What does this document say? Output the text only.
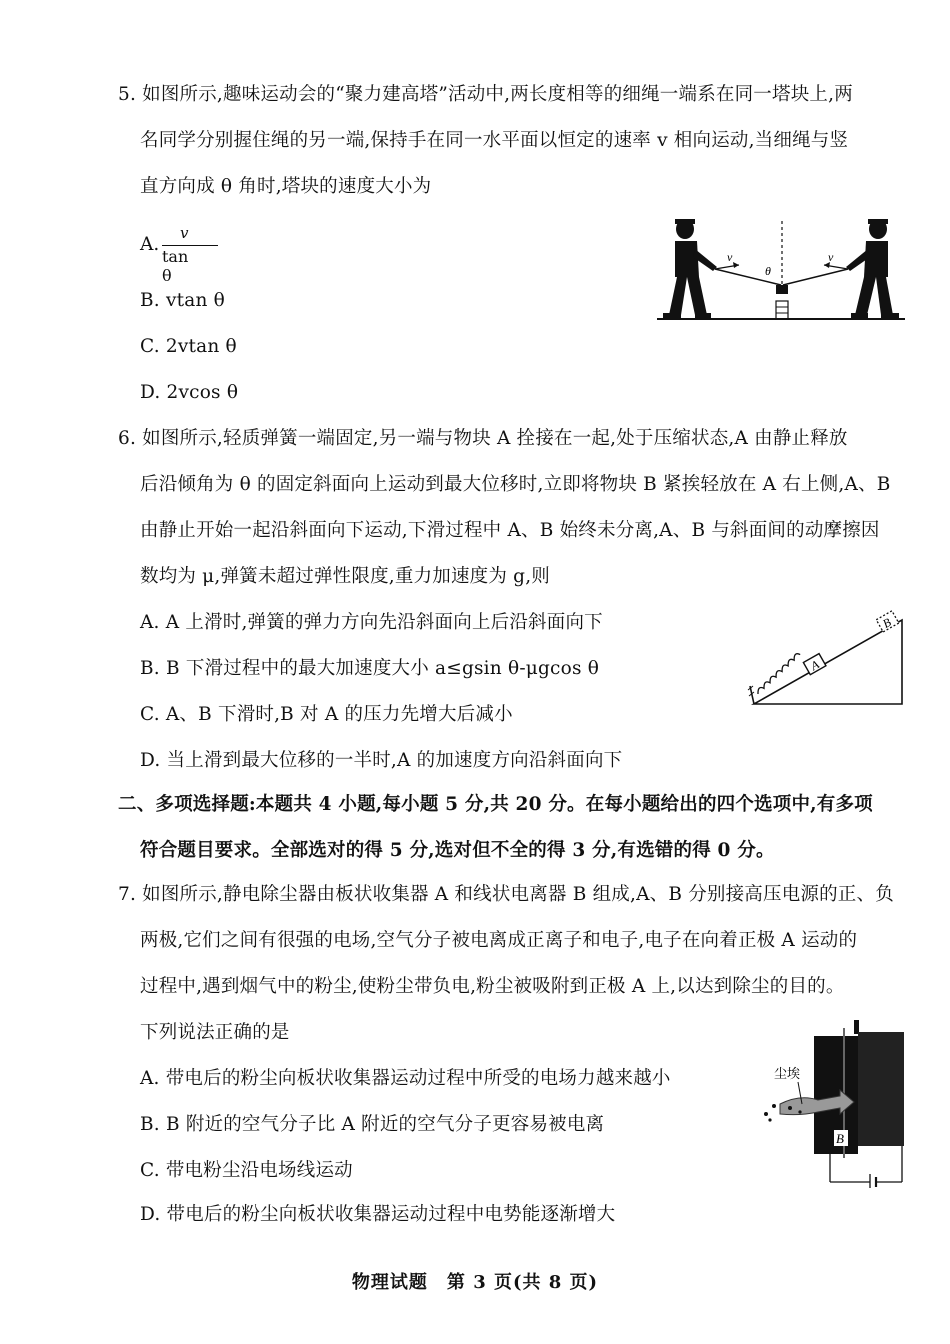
5. 如图所示,趣味运动会的“聚力建高塔”活动中,两长度相等的细绳一端系在同一塔块上,两
名同学分别握住绳的另一端,保持手在同一水平面以恒定的速率 v 相向运动,当细绳与竖
直方向成 θ 角时,塔块的速度大小为
A.
v
tan θ
B. vtan θ
C. 2vtan θ
D. 2vcos θ
v	v
θ
6. 如图所示,轻质弹簧一端固定,另一端与物块 A 拴接在一起,处于压缩状态,A 由静止释放
后沿倾角为 θ 的固定斜面向上运动到最大位移时,立即将物块 B 紧挨轻放在 A 右上侧,A、B
由静止开始一起沿斜面向下运动,下滑过程中 A、B 始终未分离,A、B 与斜面间的动摩擦因
数均为 μ,弹簧未超过弹性限度,重力加速度为 g,则
A. A 上滑时,弹簧的弹力方向先沿斜面向上后沿斜面向下
B. B 下滑过程中的最大加速度大小 a≤gsin θ-μgcos θ
C. A、B 下滑时,B 对 A 的压力先增大后减小
D. 当上滑到最大位移的一半时,A 的加速度方向沿斜面向下
A
B
二、多项选择题:本题共 4 小题,每小题 5 分,共 20 分。在每小题给出的四个选项中,有多项
符合题目要求。全部选对的得 5 分,选对但不全的得 3 分,有选错的得 0 分。
7. 如图所示,静电除尘器由板状收集器 A 和线状电离器 B 组成,A、B 分别接高压电源的正、负
两极,它们之间有很强的电场,空气分子被电离成正离子和电子,电子在向着正极 A 运动的
过程中,遇到烟气中的粉尘,使粉尘带负电,粉尘被吸附到正极 A 上,以达到除尘的目的。
下列说法正确的是
A. 带电后的粉尘向板状收集器运动过程中所受的电场力越来越小
B. B 附近的空气分子比 A 附近的空气分子更容易被电离
C. 带电粉尘沿电场线运动
D. 带电后的粉尘向板状收集器运动过程中电势能逐渐增大
尘埃
B
物理试题　第 3 页(共 8 页)
